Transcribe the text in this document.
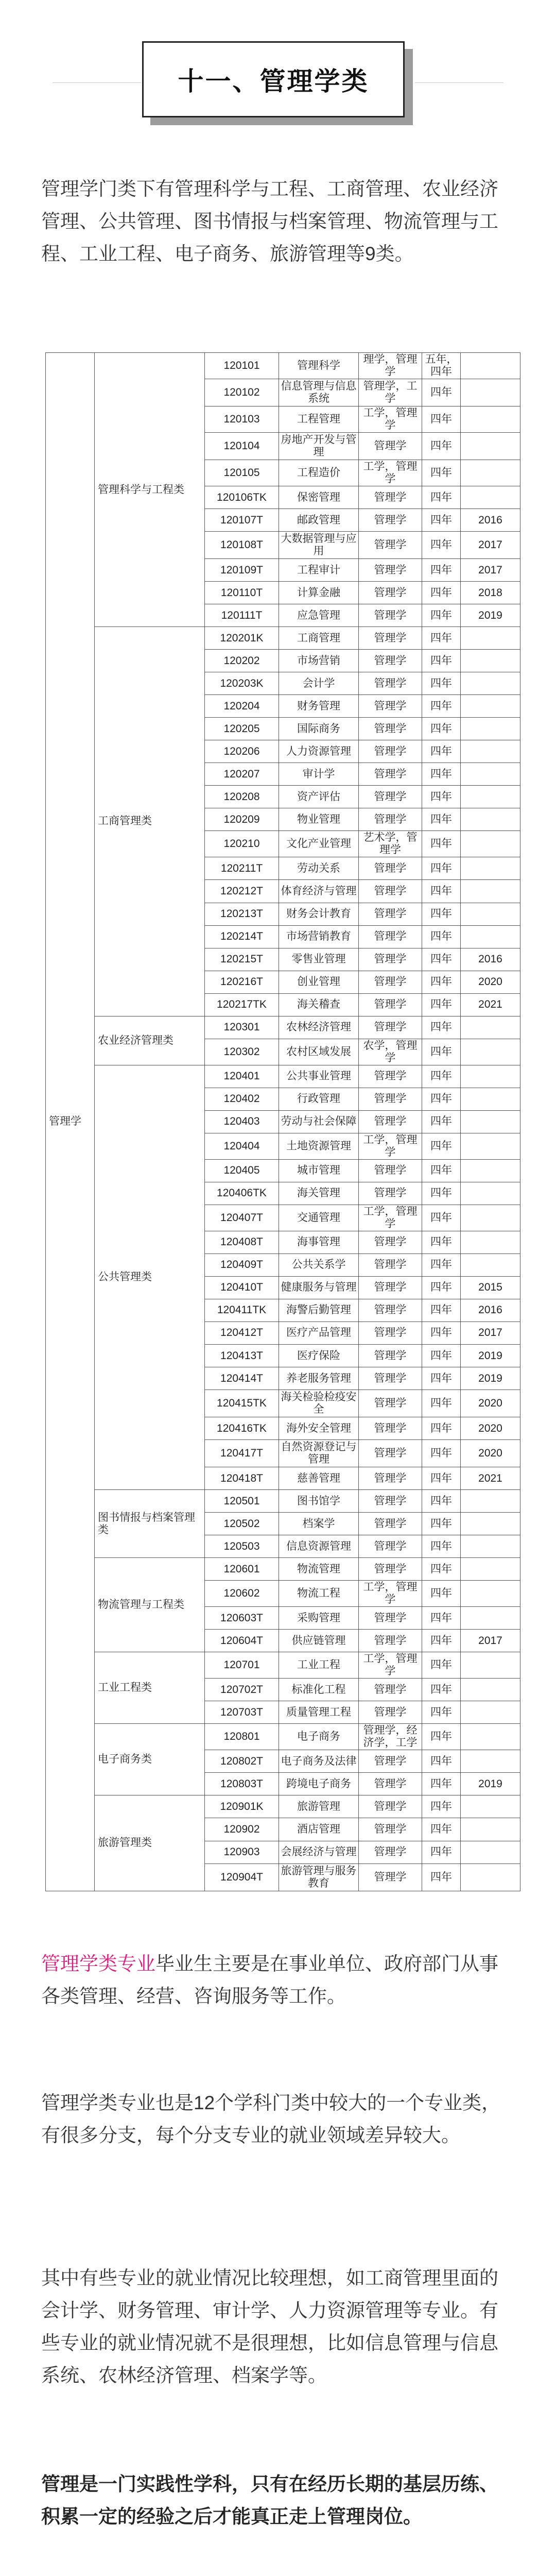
十一、管理学类

管理学门类下有管理科学与工程、工商管理、农业经济管理、公共管理、图书情报与档案管理、物流管理与工程、工业工程、电子商务、旅游管理等9类。

管理学	管理科学与工程类	120101	管理科学	理学，管理学	五年，四年	
		120102	信息管理与信息系统	管理学，工学	四年	
		120103	工程管理	工学，管理学	四年	
		120104	房地产开发与管理	管理学	四年	
		120105	工程造价	工学，管理学	四年	
		120106TK	保密管理	管理学	四年	
		120107T	邮政管理	管理学	四年	2016
		120108T	大数据管理与应用	管理学	四年	2017
		120109T	工程审计	管理学	四年	2017
		120110T	计算金融	管理学	四年	2018
		120111T	应急管理	管理学	四年	2019
	工商管理类	120201K	工商管理	管理学	四年	
		120202	市场营销	管理学	四年	
		120203K	会计学	管理学	四年	
		120204	财务管理	管理学	四年	
		120205	国际商务	管理学	四年	
		120206	人力资源管理	管理学	四年	
		120207	审计学	管理学	四年	
		120208	资产评估	管理学	四年	
		120209	物业管理	管理学	四年	
		120210	文化产业管理	艺术学，管理学	四年	
		120211T	劳动关系	管理学	四年	
		120212T	体育经济与管理	管理学	四年	
		120213T	财务会计教育	管理学	四年	
		120214T	市场营销教育	管理学	四年	
		120215T	零售业管理	管理学	四年	2016
		120216T	创业管理	管理学	四年	2020
		120217TK	海关稽查	管理学	四年	2021
	农业经济管理类	120301	农林经济管理	管理学	四年	
		120302	农村区域发展	农学，管理学	四年	
	公共管理类	120401	公共事业管理	管理学	四年	
		120402	行政管理	管理学	四年	
		120403	劳动与社会保障	管理学	四年	
		120404	土地资源管理	工学，管理学	四年	
		120405	城市管理	管理学	四年	
		120406TK	海关管理	管理学	四年	
		120407T	交通管理	工学，管理学	四年	
		120408T	海事管理	管理学	四年	
		120409T	公共关系学	管理学	四年	
		120410T	健康服务与管理	管理学	四年	2015
		120411TK	海警后勤管理	管理学	四年	2016
		120412T	医疗产品管理	管理学	四年	2017
		120413T	医疗保险	管理学	四年	2019
		120414T	养老服务管理	管理学	四年	2019
		120415TK	海关检验检疫安全	管理学	四年	2020
		120416TK	海外安全管理	管理学	四年	2020
		120417T	自然资源登记与管理	管理学	四年	2020
		120418T	慈善管理	管理学	四年	2021
	图书情报与档案管理类	120501	图书馆学	管理学	四年	
		120502	档案学	管理学	四年	
		120503	信息资源管理	管理学	四年	
	物流管理与工程类	120601	物流管理	管理学	四年	
		120602	物流工程	工学，管理学	四年	
		120603T	采购管理	管理学	四年	
		120604T	供应链管理	管理学	四年	2017
	工业工程类	120701	工业工程	工学，管理学	四年	
		120702T	标准化工程	管理学	四年	
		120703T	质量管理工程	管理学	四年	
	电子商务类	120801	电子商务	管理学，经济学，工学	四年	
		120802T	电子商务及法律	管理学	四年	
		120803T	跨境电子商务	管理学	四年	2019
	旅游管理类	120901K	旅游管理	管理学	四年	
		120902	酒店管理	管理学	四年	
		120903	会展经济与管理	管理学	四年	
		120904T	旅游管理与服务教育	管理学	四年	

管理学类专业毕业生主要是在事业单位、政府部门从事各类管理、经营、咨询服务等工作。

管理学类专业也是12个学科门类中较大的一个专业类，有很多分支，每个分支专业的就业领域差异较大。

其中有些专业的就业情况比较理想，如工商管理里面的会计学、财务管理、审计学、人力资源管理等专业。有些专业的就业情况就不是很理想，比如信息管理与信息系统、农林经济管理、档案学等。

管理是一门实践性学科，只有在经历长期的基层历练、积累一定的经验之后才能真正走上管理岗位。
